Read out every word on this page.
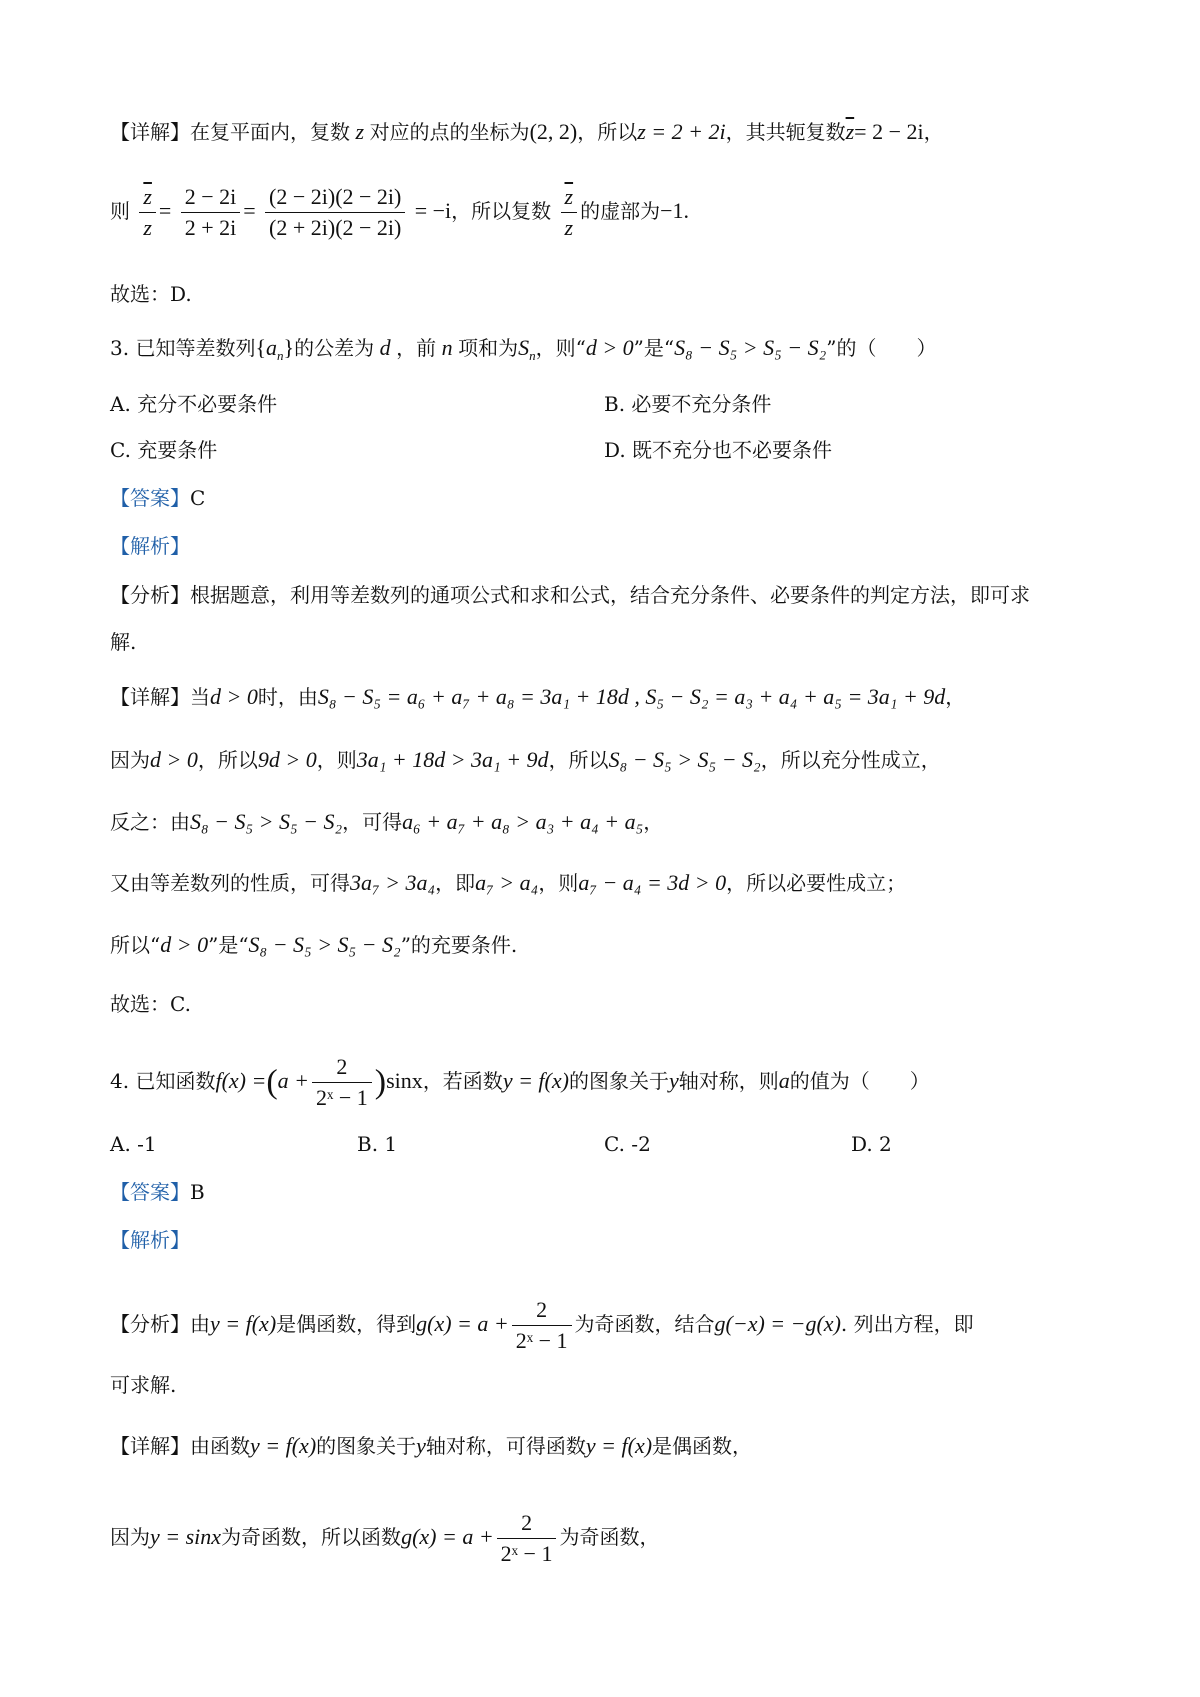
【详解】在复平面内，复数 z 对应的点的坐标为(2, 2)，所以z = 2 + 2i，其共轭复数$\overline{z}= 2 - 2i$，
则 $\frac{\overline{z}}{z} = \frac{2 - 2i}{2 + 2i} = \frac{(2 - 2i)(2 - 2i)}{(2 + 2i)(2 - 2i)} = -i$，所以复数 $\frac{\overline{z}}{z}$ 的虚部为−1.
故选：D.
3. 已知等差数列$\{a_n\}$的公差为 d ，前 n 项和为$S_n$，则“d > 0”是“S₈ − S₅ > S₅ − S₂”的（　　）
A. 充分不必要条件	B. 必要不充分条件
C. 充要条件	D. 既不充分也不必要条件
【答案】C
【解析】
【分析】根据题意，利用等差数列的通项公式和求和公式，结合充分条件、必要条件的判定方法，即可求
解.
【详解】当d > 0时，由S₈ − S₅ = a₆ + a₇ + a₈ = 3a₁ + 18d , S₅ − S₂ = a₃ + a₄ + a₅ = 3a₁ + 9d，
因为d > 0，所以9d > 0，则3a₁ + 18d > 3a₁ + 9d，所以S₈ − S₅ > S₅ − S₂，所以充分性成立，
反之：由S₈ − S₅ > S₅ − S₂，可得a₆ + a₇ + a₈ > a₃ + a₄ + a₅，
又由等差数列的性质，可得3a₇ > 3a₄，即a₇ > a₄，则a₇ − a₄ = 3d > 0，所以必要性成立；
所以“d > 0”是“S₈ − S₅ > S₅ − S₂”的充要条件.
故选：C.
4. 已知函数$f(x) =(a + \frac{2}{\text{2ˣ − 1}} )\sin x$，若函数y = f(x)的图象关于y轴对称，则a的值为（　　）
A. -1	B. 1	C. -2	D. 2
【答案】B
【解析】
【分析】由y = f(x)是偶函数，得到$g(x) = a + \frac{2}{\text{2ˣ − 1}}$ 为奇函数，结合g(−x) = −g(x). 列出方程，即
可求解.
【详解】由函数y = f(x)的图象关于y轴对称，可得函数y = f(x)是偶函数，
因为y = sinx为奇函数，所以函数$g(x) = a + \frac{2}{\text{2ˣ − 1}}$ 为奇函数，
